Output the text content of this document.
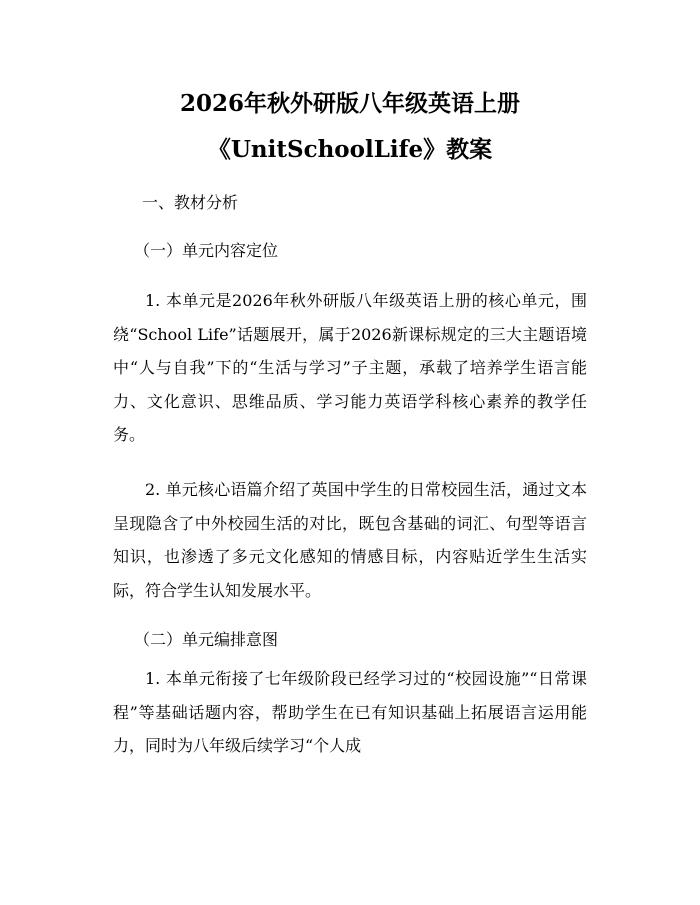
2026年秋外研版八年级英语上册
《UnitSchoolLife》教案

一、教材分析

（一）单元内容定位

1. 本单元是2026年秋外研版八年级英语上册的核心单元，围绕“School Life”话题展开，属于2026新课标规定的三大主题语境中“人与自我”下的“生活与学习”子主题，承载了培养学生语言能力、文化意识、思维品质、学习能力英语学科核心素养的教学任务。

2. 单元核心语篇介绍了英国中学生的日常校园生活，通过文本呈现隐含了中外校园生活的对比，既包含基础的词汇、句型等语言知识，也渗透了多元文化感知的情感目标，内容贴近学生生活实际，符合学生认知发展水平。

（二）单元编排意图

1. 本单元衔接了七年级阶段已经学习过的“校园设施”“日常课程”等基础话题内容，帮助学生在已有知识基础上拓展语言运用能力，同时为八年级后续学习“个人成
